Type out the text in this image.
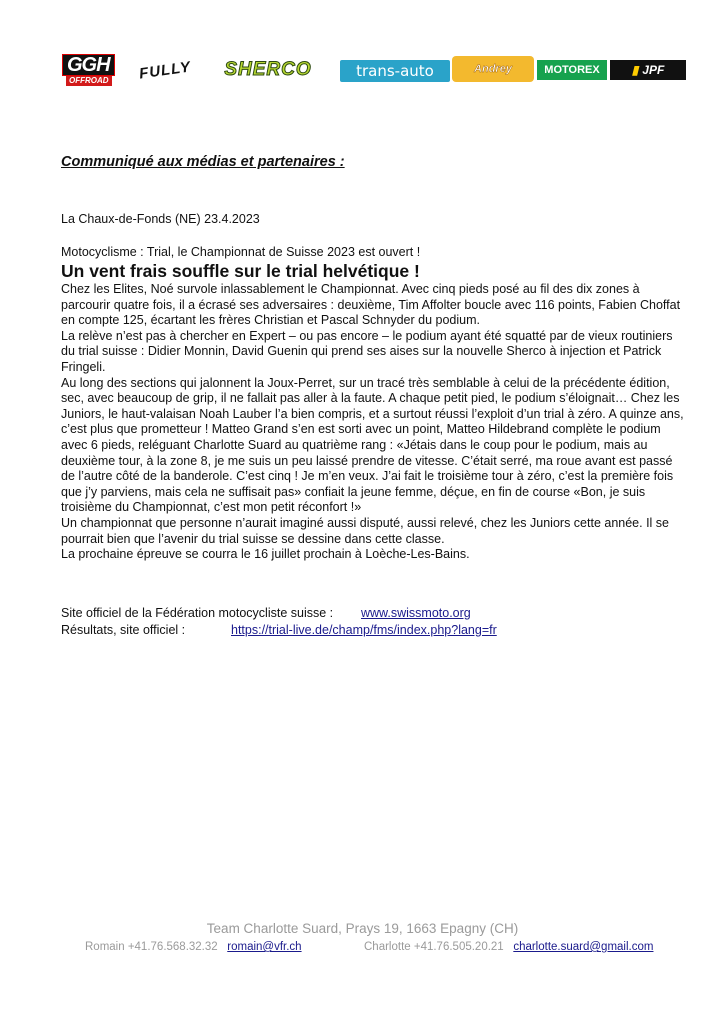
GGH
OFFROAD FULLY SHERCO	trans-auto	Andrey	MOTOREX	▮ JPF
Communiqué aux médias et partenaires :
La Chaux-de-Fonds (NE) 23.4.2023
Motocyclisme : Trial, le Championnat de Suisse 2023 est ouvert !
Un vent frais souffle sur le trial helvétique !

Chez les Elites, Noé survole inlassablement le Championnat. Avec cinq pieds posé au fil des dix zones à parcourir quatre fois, il a écrasé ses adversaires : deuxième, Tim Affolter boucle avec 116 points, Fabien Choffat en compte 125, écartant les frères Christian et Pascal Schnyder du podium.

La relève n’est pas à chercher en Expert – ou pas encore – le podium ayant été squatté par de vieux routiniers du trial suisse : Didier Monnin, David Guenin qui prend ses aises sur la nouvelle Sherco à injection et Patrick Fringeli.

Au long des sections qui jalonnent la Joux-Perret, sur un tracé très semblable à celui de la précédente édition, sec, avec beaucoup de grip, il ne fallait pas aller à la faute. A chaque petit pied, le podium s’éloignait… Chez les Juniors, le haut-valaisan Noah Lauber l’a bien compris, et a surtout réussi l’exploit d’un trial à zéro. A quinze ans, c’est plus que prometteur ! Matteo Grand s’en est sorti avec un point, Matteo Hildebrand complète le podium avec 6 pieds, reléguant Charlotte Suard au quatrième rang : «Jétais dans le coup pour le podium, mais au deuxième tour, à la zone 8, je me suis un peu laissé prendre de vitesse. C’était serré, ma roue avant est passé de l’autre côté de la banderole. C’est cinq ! Je m’en veux. J’ai fait le troisième tour à zéro, c’est la première fois que j’y parviens, mais cela ne suffisait pas» confiait la jeune femme, déçue, en fin de course «Bon, je suis troisième du Championnat, c’est mon petit réconfort !»

Un championnat que personne n’aurait imaginé aussi disputé, aussi relevé, chez les Juniors cette année. Il se pourrait bien que l’avenir du trial suisse se dessine dans cette classe.

La prochaine épreuve se courra le 16 juillet prochain à Loèche-Les-Bains.

Site officiel de la Fédération motocycliste suisse : www.swissmoto.org
Résultats, site officiel :	https://trial-live.de/champ/fms/index.php?lang=fr
Team Charlotte Suard, Prays 19, 1663 Epagny (CH)
Romain +41.76.568.32.32 romain@vfr.ch	Charlotte +41.76.505.20.21 charlotte.suard@gmail.com
